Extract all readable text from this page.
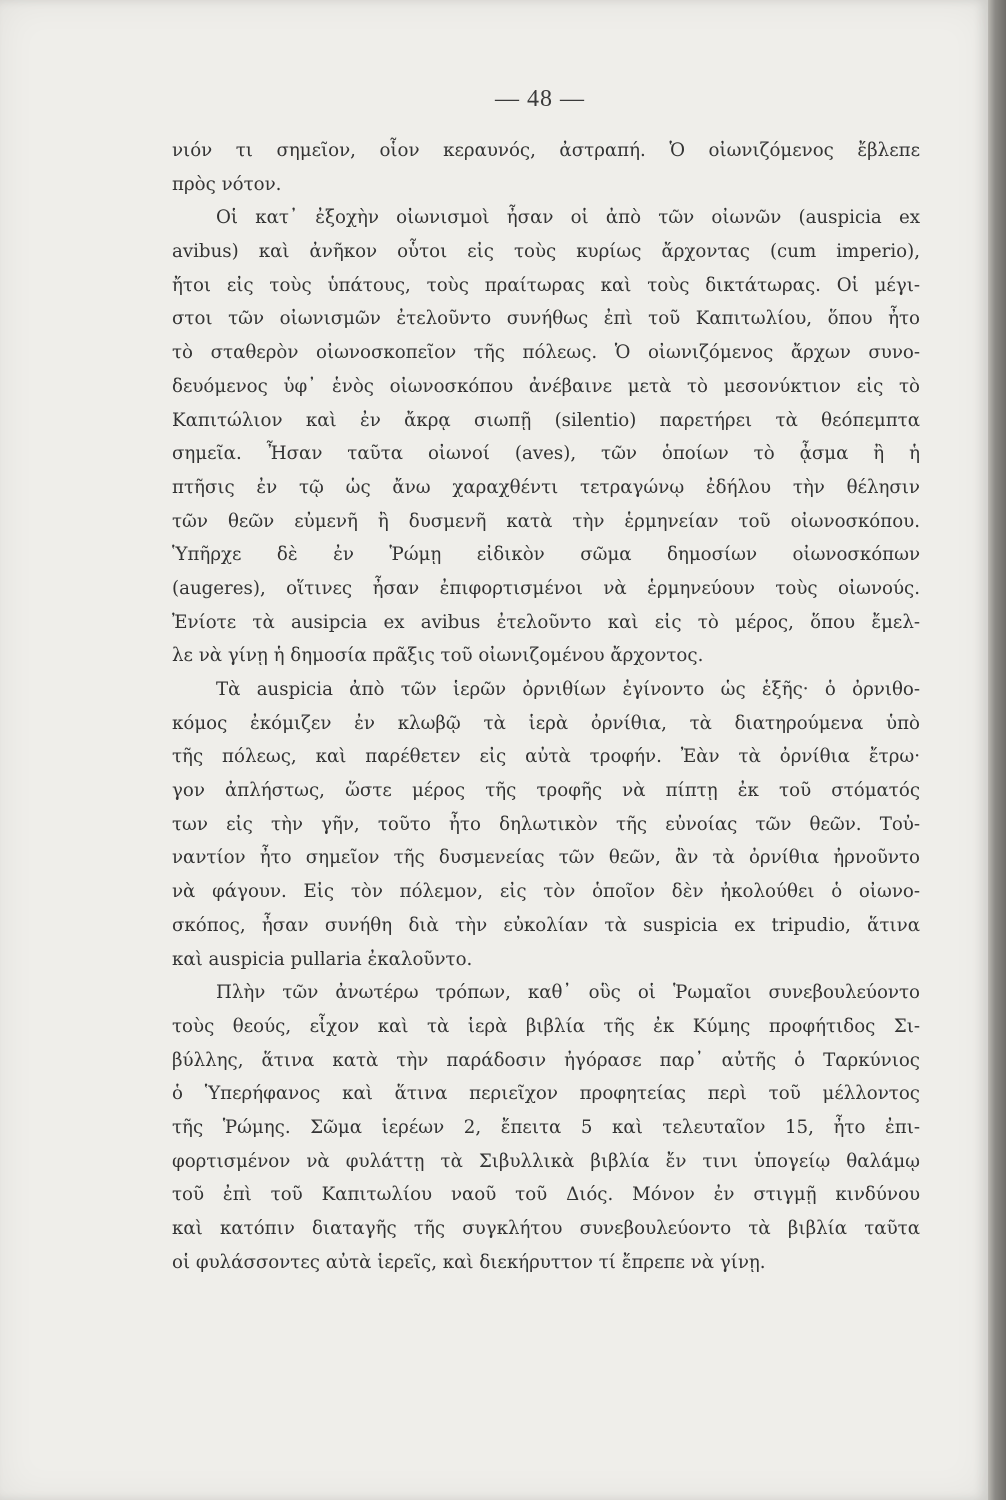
— 48 —
νιόν τι σημεῖον, οἷον κεραυνός, ἀστραπή. Ὁ οἰωνιζόμενος ἔβλεπε
πρὸς νότον.
Οἱ κατ᾽ ἐξοχὴν οἰωνισμοὶ ἦσαν οἱ ἀπὸ τῶν οἰωνῶν (auspicia ex
avibus) καὶ ἀνῆκον οὗτοι εἰς τοὺς κυρίως ἄρχοντας (cum imperio),
ἤτοι εἰς τοὺς ὑπάτους, τοὺς πραίτωρας καὶ τοὺς δικτάτωρας. Οἱ μέγι-
στοι τῶν οἰωνισμῶν ἐτελοῦντο συνήθως ἐπὶ τοῦ Καπιτωλίου, ὅπου ἦτο
τὸ σταθερὸν οἰωνοσκοπεῖον τῆς πόλεως. Ὁ οἰωνιζόμενος ἄρχων συνο-
δευόμενος ὑφ᾽ ἑνὸς οἰωνοσκόπου ἀνέβαινε μετὰ τὸ μεσονύκτιον εἰς τὸ
Καπιτώλιον καὶ ἐν ἄκρᾳ σιωπῇ (silentio) παρετήρει τὰ θεόπεμπτα
σημεῖα. Ἦσαν ταῦτα οἰωνοί (aves), τῶν ὁποίων τὸ ᾆσμα ἢ ἡ
πτῆσις ἐν τῷ ὡς ἄνω χαραχθέντι τετραγώνῳ ἐδήλου τὴν θέλησιν
τῶν θεῶν εὐμενῆ ἢ δυσμενῆ κατὰ τὴν ἑρμηνείαν τοῦ οἰωνοσκόπου.
Ὑπῆρχε δὲ ἐν Ῥώμῃ εἰδικὸν σῶμα δημοσίων οἰωνοσκόπων
(augeres), οἵτινες ἦσαν ἐπιφορτισμένοι νὰ ἑρμηνεύουν τοὺς οἰωνούς.
Ἐνίοτε τὰ ausipcia ex avibus ἐτελοῦντο καὶ εἰς τὸ μέρος, ὅπου ἔμελ-
λε νὰ γίνῃ ἡ δημοσία πρᾶξις τοῦ οἰωνιζομένου ἄρχοντος.
Τὰ auspicia ἀπὸ τῶν ἱερῶν ὀρνιθίων ἐγίνοντο ὡς ἑξῆς· ὁ ὀρνιθο-
κόμος ἐκόμιζεν ἐν κλωβῷ τὰ ἱερὰ ὀρνίθια, τὰ διατηρούμενα ὑπὸ
τῆς πόλεως, καὶ παρέθετεν εἰς αὐτὰ τροφήν. Ἐὰν τὰ ὀρνίθια ἔτρω·
γον ἀπλήστως, ὥστε μέρος τῆς τροφῆς νὰ πίπτῃ ἐκ τοῦ στόματός
των εἰς τὴν γῆν, τοῦτο ἦτο δηλωτικὸν τῆς εὐνοίας τῶν θεῶν. Τοὐ-
ναντίον ἦτο σημεῖον τῆς δυσμενείας τῶν θεῶν, ἂν τὰ ὀρνίθια ἠρνοῦντο
νὰ φάγουν. Εἰς τὸν πόλεμον, εἰς τὸν ὁποῖον δὲν ἠκολούθει ὁ οἰωνο-
σκόπος, ἦσαν συνήθη διὰ τὴν εὐκολίαν τὰ suspicia ex tripudio, ἅτινα
καὶ auspicia pullaria ἐκαλοῦντο.
Πλὴν τῶν ἀνωτέρω τρόπων, καθ᾽ οὓς οἱ Ῥωμαῖοι συνεβουλεύοντο
τοὺς θεούς, εἶχον καὶ τὰ ἱερὰ βιβλία τῆς ἐκ Κύμης προφήτιδος Σι-
βύλλης, ἅτινα κατὰ τὴν παράδοσιν ἠγόρασε παρ᾽ αὐτῆς ὁ Ταρκύνιος
ὁ Ὑπερήφανος καὶ ἅτινα περιεῖχον προφητείας περὶ τοῦ μέλλοντος
τῆς Ῥώμης. Σῶμα ἱερέων 2, ἔπειτα 5 καὶ τελευταῖον 15, ἦτο ἐπι-
φορτισμένον νὰ φυλάττῃ τὰ Σιβυλλικὰ βιβλία ἔν τινι ὑπογείῳ θαλάμῳ
τοῦ ἐπὶ τοῦ Καπιτωλίου ναοῦ τοῦ Διός. Μόνον ἐν στιγμῇ κινδύνου
καὶ κατόπιν διαταγῆς τῆς συγκλήτου συνεβουλεύοντο τὰ βιβλία ταῦτα
οἱ φυλάσσοντες αὐτὰ ἱερεῖς, καὶ διεκήρυττον τί ἔπρεπε νὰ γίνῃ.
